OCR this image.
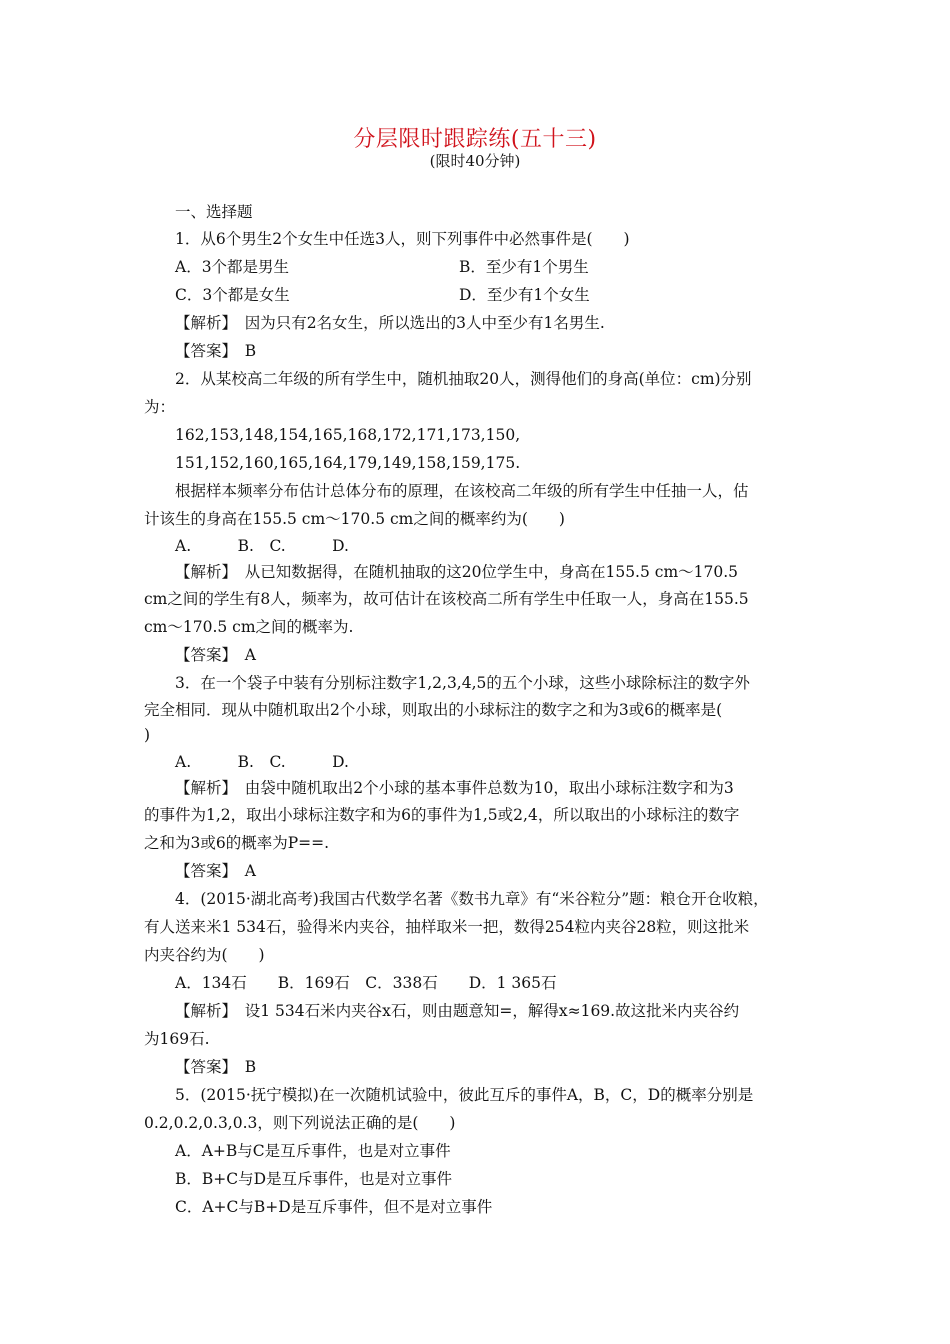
分层限时跟踪练(五十三)
(限时40分钟)
一、选择题
1．从6个男生2个女生中任选3人，则下列事件中必然事件是(　　)
A．3个都是男生	B．至少有1个男生
C．3个都是女生	D．至少有1个女生
【解析】　因为只有2名女生，所以选出的3人中至少有1名男生.
【答案】　B
2．从某校高二年级的所有学生中，随机抽取20人，测得他们的身高(单位：cm)分别
为：
162,153,148,154,165,168,172,171,173,150,
151,152,160,165,164,179,149,158,159,175.
根据样本频率分布估计总体分布的原理，在该校高二年级的所有学生中任抽一人，估
计该生的身高在155.5 cm～170.5 cm之间的概率约为(　　)
A.　　　B.　C.　　　D.
【解析】　从已知数据得，在随机抽取的这20位学生中，身高在155.5 cm～170.5
cm之间的学生有8人，频率为，故可估计在该校高二所有学生中任取一人，身高在155.5
cm～170.5 cm之间的概率为.
【答案】　A
3．在一个袋子中装有分别标注数字1,2,3,4,5的五个小球，这些小球除标注的数字外
完全相同．现从中随机取出2个小球，则取出的小球标注的数字之和为3或6的概率是(
)
A.　　　B.　C.　　　D.
【解析】　由袋中随机取出2个小球的基本事件总数为10，取出小球标注数字和为3
的事件为1,2，取出小球标注数字和为6的事件为1,5或2,4，所以取出的小球标注的数字
之和为3或6的概率为P==.
【答案】　A
4．(2015·湖北高考)我国古代数学名著《数书九章》有“米谷粒分”题：粮仓开仓收粮，
有人送来米1 534石，验得米内夹谷，抽样取米一把，数得254粒内夹谷28粒，则这批米
内夹谷约为(　　)
A．134石　　B．169石　C．338石　　D．1 365石
【解析】　设1 534石米内夹谷x石，则由题意知=，解得x≈169.故这批米内夹谷约
为169石.
【答案】　B
5．(2015·抚宁模拟)在一次随机试验中，彼此互斥的事件A，B，C，D的概率分别是
0.2,0.2,0.3,0.3，则下列说法正确的是(　　)
A．A+B与C是互斥事件，也是对立事件
B．B+C与D是互斥事件，也是对立事件
C．A+C与B+D是互斥事件，但不是对立事件
